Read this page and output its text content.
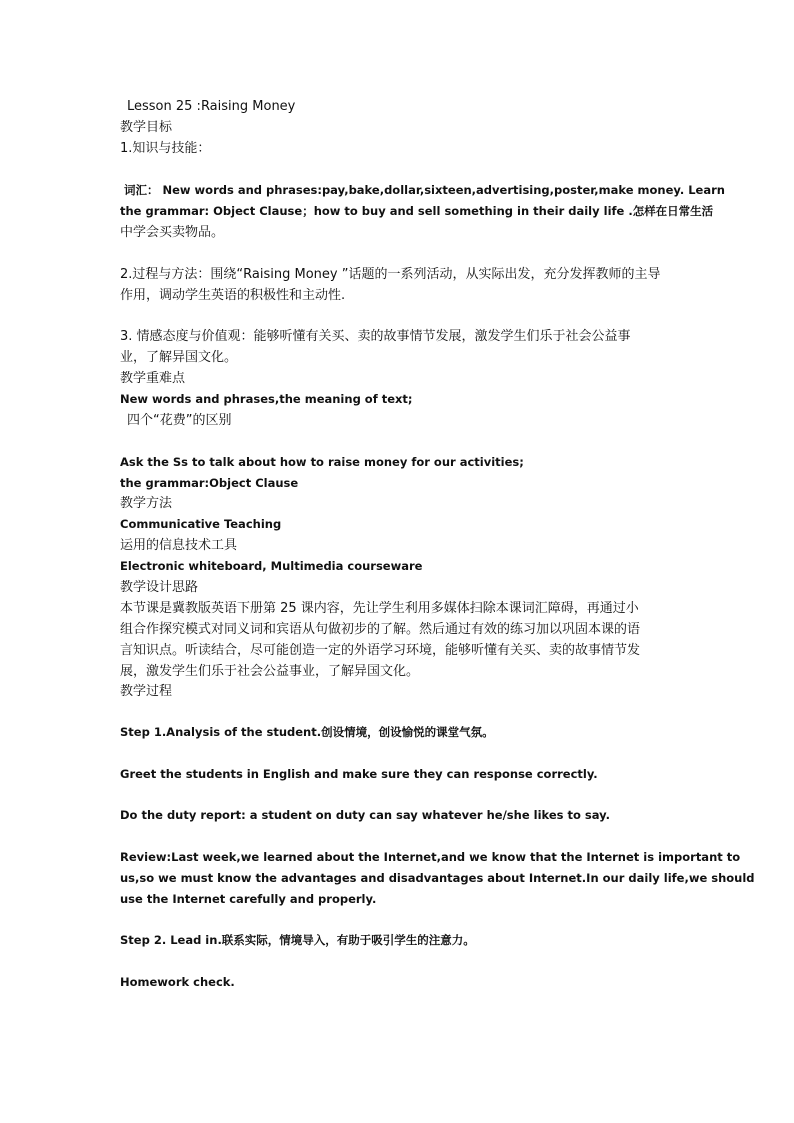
Lesson 25 :Raising Money
教学目标
1.知识与技能：
词汇： New words and phrases:pay,bake,dollar,sixteen,advertising,poster,make money. Learn
the grammar: Object Clause；how to buy and sell something in their daily life .怎样在日常生活
中学会买卖物品。
2.过程与方法：围绕“Raising Money ”话题的一系列活动，从实际出发，充分发挥教师的主导
作用，调动学生英语的积极性和主动性.
3. 情感态度与价值观：能够听懂有关买、卖的故事情节发展，激发学生们乐于社会公益事
业，了解异国文化。
教学重难点
New words and phrases,the meaning of text;
四个“花费”的区别
Ask the Ss to talk about how to raise money for our activities;
the grammar:Object Clause
教学方法
Communicative Teaching
运用的信息技术工具
Electronic whiteboard, Multimedia courseware
教学设计思路
本节课是冀教版英语下册第 25 课内容，先让学生利用多媒体扫除本课词汇障碍，再通过小
组合作探究模式对同义词和宾语从句做初步的了解。然后通过有效的练习加以巩固本课的语
言知识点。听读结合，尽可能创造一定的外语学习环境，能够听懂有关买、卖的故事情节发
展，激发学生们乐于社会公益事业，了解异国文化。
教学过程
Step 1.Analysis of the student.创设情境，创设愉悦的课堂气氛。
Greet the students in English and make sure they can response correctly.
Do the duty report: a student on duty can say whatever he/she likes to say.
Review:Last week,we learned about the Internet,and we know that the Internet is important to
us,so we must know the advantages and disadvantages about Internet.In our daily life,we should
use the Internet carefully and properly.
Step 2. Lead in.联系实际，情境导入，有助于吸引学生的注意力。
Homework check.
